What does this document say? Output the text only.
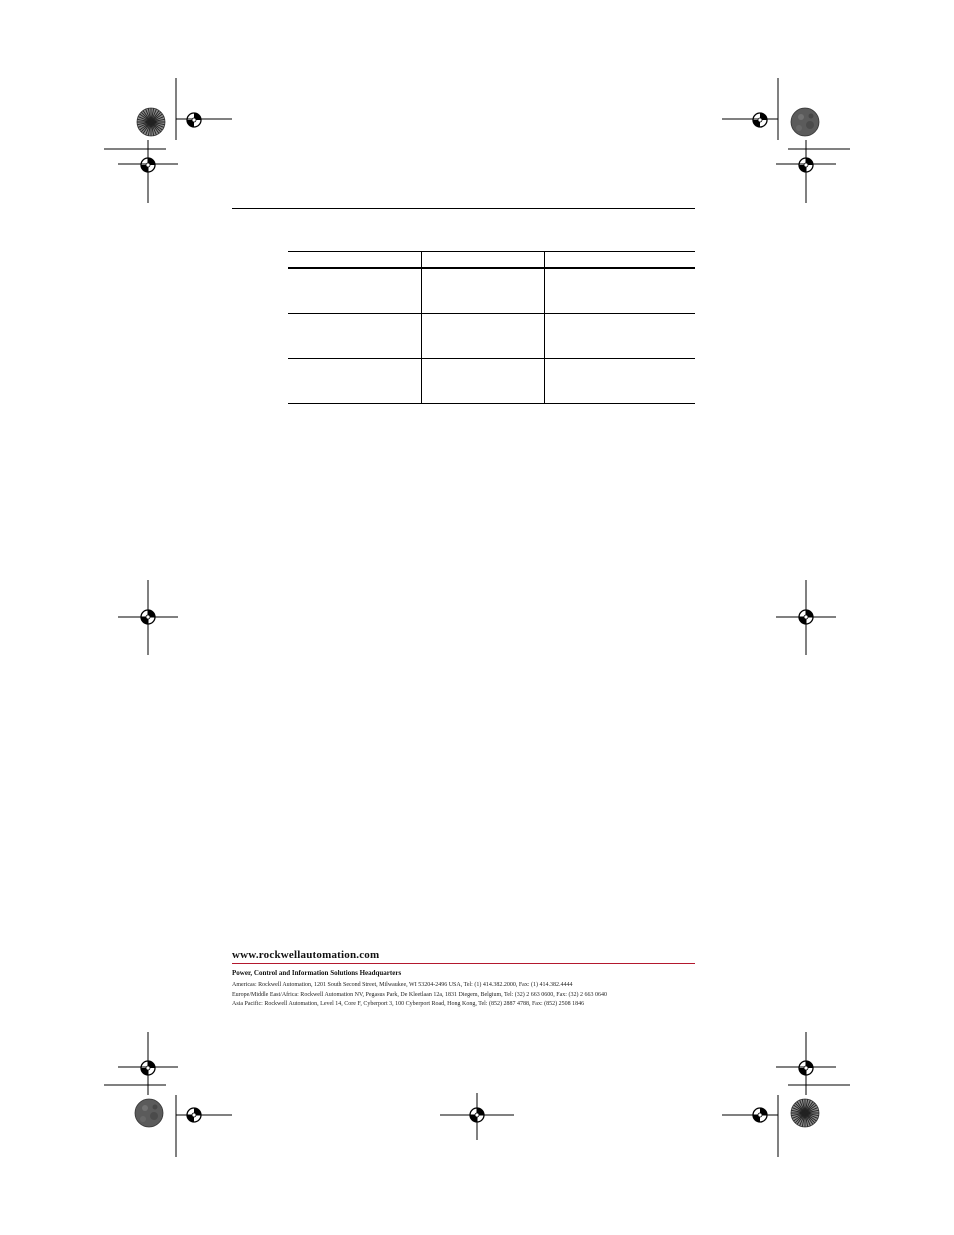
www.rockwellautomation.com
Power, Control and Information Solutions Headquarters
Americas: Rockwell Automation, 1201 South Second Street, Milwaukee, WI 53204-2496 USA, Tel: (1) 414.382.2000, Fax: (1) 414.382.4444
Europe/Middle East/Africa: Rockwell Automation NV, Pegasus Park, De Kleetlaan 12a, 1831 Diegem, Belgium, Tel: (32) 2 663 0600, Fax: (32) 2 663 0640
Asia Pacific: Rockwell Automation, Level 14, Core F, Cyberport 3, 100 Cyberport Road, Hong Kong, Tel: (852) 2887 4788, Fax: (852) 2508 1846
